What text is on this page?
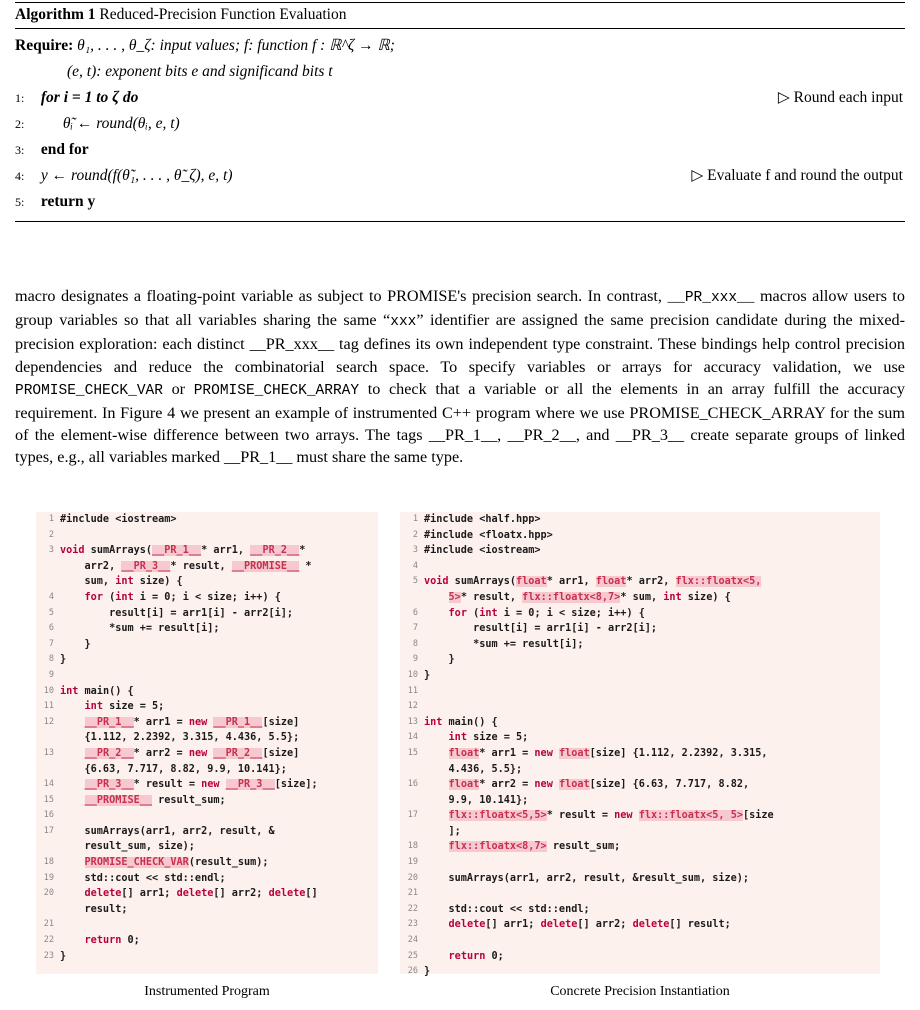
Algorithm 1 Reduced-Precision Function Evaluation
Require: θ₁, . . . , θ_ζ: input values; f: function f : ℝ^ζ → ℝ;
(e, t): exponent bits e and significand bits t
1: for i = 1 to ζ do	▷ Round each input
2: θ̃ᵢ ← round(θᵢ, e, t)
3: end for
4: y ← round(f(θ̃₁, . . . , θ̃_ζ), e, t)	▷ Evaluate f and round the output
5: return y
macro designates a floating-point variable as subject to PROMISE's precision search. In contrast, __PR_xxx__ macros allow users to group variables so that all variables sharing the same “xxx” identifier are assigned the same precision candidate during the mixed-precision exploration: each distinct __PR_xxx__ tag defines its own independent type constraint. These bindings help control precision dependencies and reduce the combinatorial search space. To specify variables or arrays for accuracy validation, we use PROMISE_CHECK_VAR or PROMISE_CHECK_ARRAY to check that a variable or all the elements in an array fulfill the accuracy requirement. In Figure 4 we present an example of instrumented C++ program where we use PROMISE_CHECK_ARRAY for the sum of the element-wise difference between two arrays. The tags __PR_1__, __PR_2__, and __PR_3__ create separate groups of linked types, e.g., all variables marked __PR_1__ must share the same type.
1 #include <iostream>
2

3 void sumArrays(__PR_1__* arr1, __PR_2__*
arr2, __PR_3__* result, __PROMISE__ *
sum, int size) {
4	for (int i = 0; i < size; i++) {
5 result[i] = arr1[i] - arr2[i];
6 *sum += result[i];
7 }
8 }
9

10 int main() {
11	int size = 5;
12	__PR_1__* arr1 = new __PR_1__[size]
{1.112, 2.2392, 3.315, 4.436, 5.5};
13	__PR_2__* arr2 = new __PR_2__[size]
{6.63, 7.717, 8.82, 9.9, 10.141};
14	__PR_3__* result = new __PR_3__[size];
15	__PROMISE__ result_sum;
16

17 sumArrays(arr1, arr2, result, &
result_sum, size);
18	PROMISE_CHECK_VAR(result_sum);
19 std::cout << std::endl;
20	delete[] arr1; delete[] arr2; delete[]
result;
21

22	return 0;
23 }
1 #include <half.hpp>
2 #include <floatx.hpp>
3 #include <iostream>
4

5 void sumArrays(float* arr1, float* arr2, flx::floatx<5,
5>* result, flx::floatx<8,7>* sum, int size) {
6	for (int i = 0; i < size; i++) {
7 result[i] = arr1[i] - arr2[i];
8 *sum += result[i];
9 }
10 }
11

12

13 int main() {
14	int size = 5;
15	float* arr1 = new float[size] {1.112, 2.2392, 3.315,
4.436, 5.5};
16	float* arr2 = new float[size] {6.63, 7.717, 8.82,
9.9, 10.141};
17	flx::floatx<5,5>* result = new flx::floatx<5, 5>[size
];
18	flx::floatx<8,7> result_sum;
19

20 sumArrays(arr1, arr2, result, &result_sum, size);
21

22 std::cout << std::endl;
23	delete[] arr1; delete[] arr2; delete[] result;
24

25	return 0;
26 }
Instrumented Program	Concrete Precision Instantiation
